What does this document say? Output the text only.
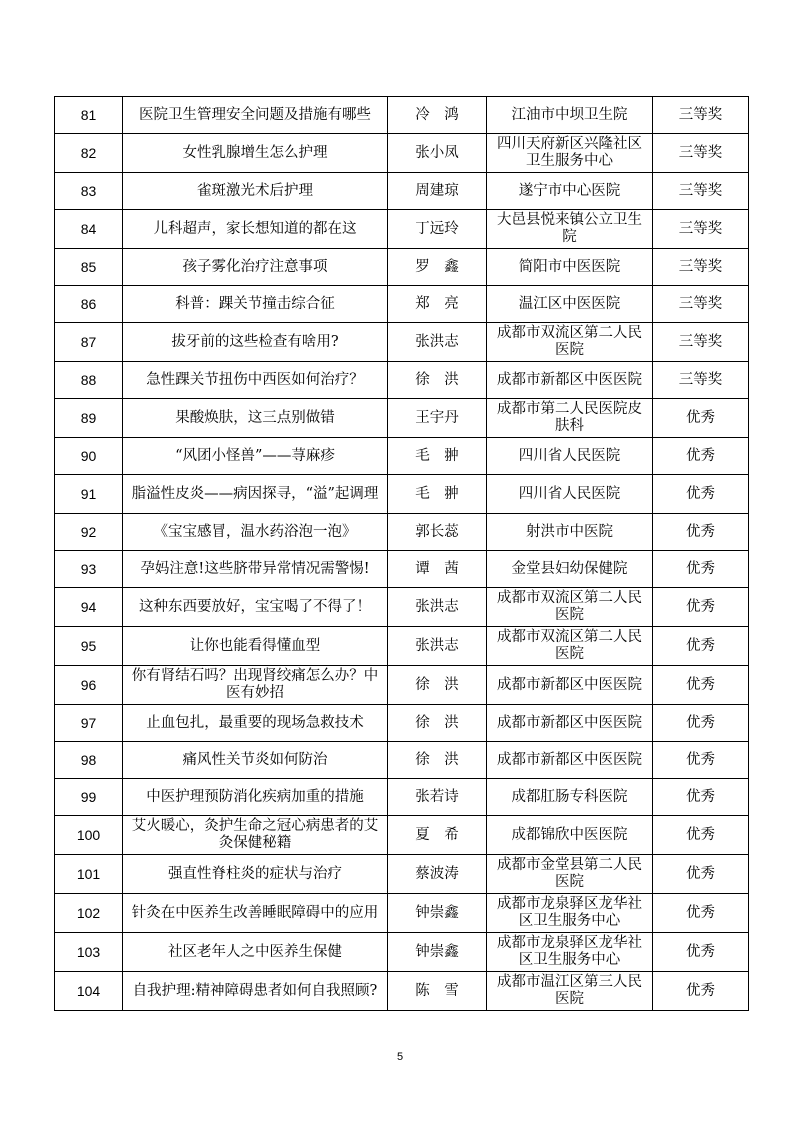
81	医院卫生管理安全问题及措施有哪些	冷　鸿	江油市中坝卫生院	三等奖
82	女性乳腺增生怎么护理	张小凤	四川天府新区兴隆社区卫生服务中心	三等奖
83	雀斑激光术后护理	周建琼	遂宁市中心医院	三等奖
84	儿科超声，家长想知道的都在这	丁远玲	大邑县悦来镇公立卫生院	三等奖
85	孩子雾化治疗注意事项	罗　鑫	简阳市中医医院	三等奖
86	科普：踝关节撞击综合征	郑　亮	温江区中医医院	三等奖
87	拔牙前的这些检查有啥用?	张洪志	成都市双流区第二人民医院	三等奖
88	急性踝关节扭伤中西医如何治疗？	徐　洪	成都市新都区中医医院	三等奖
89	果酸焕肤，这三点别做错	王宇丹	成都市第二人民医院皮肤科	优秀
90	“风团小怪兽”——荨麻疹	毛　翀	四川省人民医院	优秀
91	脂溢性皮炎——病因探寻，“溢”起调理	毛　翀	四川省人民医院	优秀
92	《宝宝感冒，温水药浴泡一泡》	郭长蕊	射洪市中医院	优秀
93	孕妈注意!这些脐带异常情况需警惕!	谭　茜	金堂县妇幼保健院	优秀
94	这种东西要放好，宝宝喝了不得了！	张洪志	成都市双流区第二人民医院	优秀
95	让你也能看得懂血型	张洪志	成都市双流区第二人民医院	优秀
96	你有肾结石吗？出现肾绞痛怎么办？中医有妙招	徐　洪	成都市新都区中医医院	优秀
97	止血包扎，最重要的现场急救技术	徐　洪	成都市新都区中医医院	优秀
98	痛风性关节炎如何防治	徐　洪	成都市新都区中医医院	优秀
99	中医护理预防消化疾病加重的措施	张若诗	成都肛肠专科医院	优秀
100	艾火暖心，灸护生命之冠心病患者的艾灸保健秘籍	夏　希	成都锦欣中医医院	优秀
101	强直性脊柱炎的症状与治疗	蔡波涛	成都市金堂县第二人民医院	优秀
102	针灸在中医养生改善睡眠障碍中的应用	钟崇鑫	成都市龙泉驿区龙华社区卫生服务中心	优秀
103	社区老年人之中医养生保健	钟崇鑫	成都市龙泉驿区龙华社区卫生服务中心	优秀
104	自我护理:精神障碍患者如何自我照顾?	陈　雪	成都市温江区第三人民医院	优秀
5
